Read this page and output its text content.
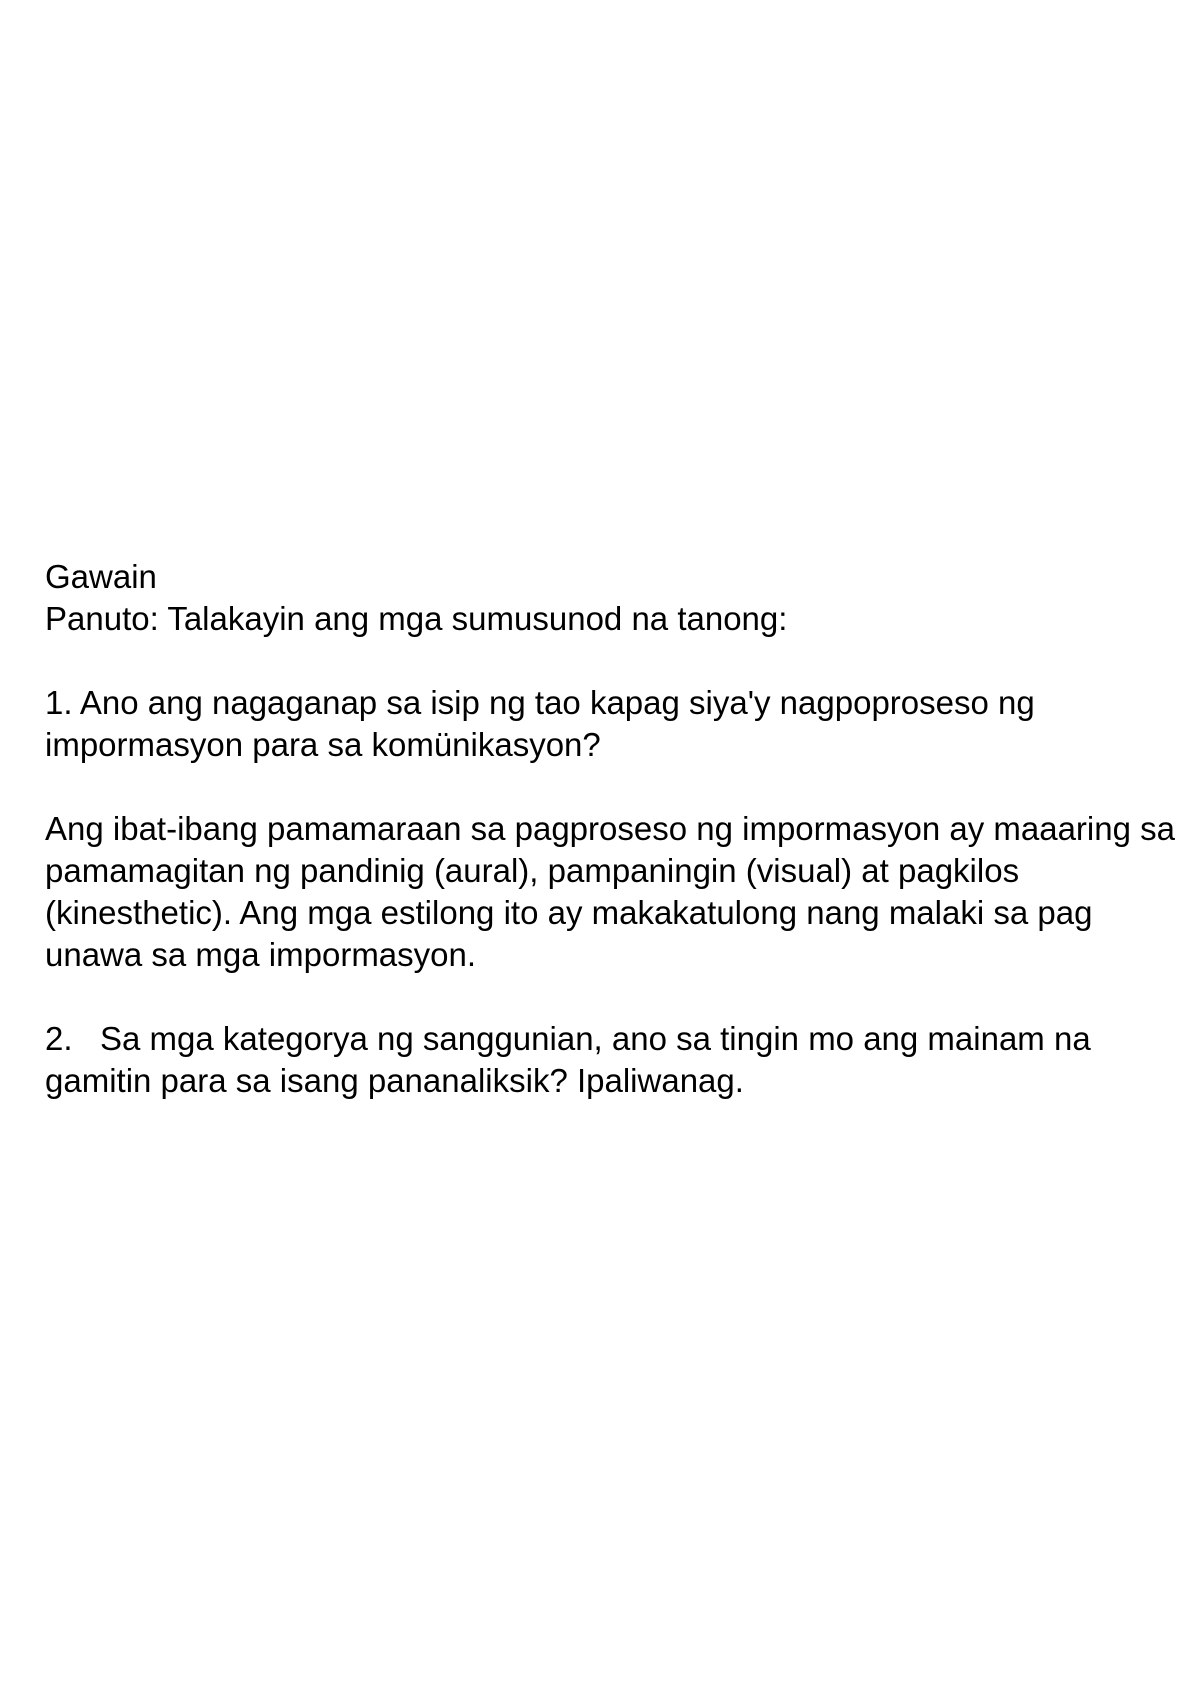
Gawain

Panuto: Talakayin ang mga sumusunod na tanong:

1. Ano ang nagaganap sa isip ng tao kapag siya'y nagpoproseso ng impormasyon para sa komünikasyon?

Ang ibat-ibang pamamaraan sa pagproseso ng impormasyon ay maaaring sa pamamagitan ng pandinig (aural), pampaningin (visual) at pagkilos (kinesthetic). Ang mga estilong ito ay makakatulong nang malaki sa pag unawa sa mga impormasyon.

2.   Sa mga kategorya ng sanggunian, ano sa tingin mo ang mainam na gamitin para sa isang pananaliksik? Ipaliwanag.
